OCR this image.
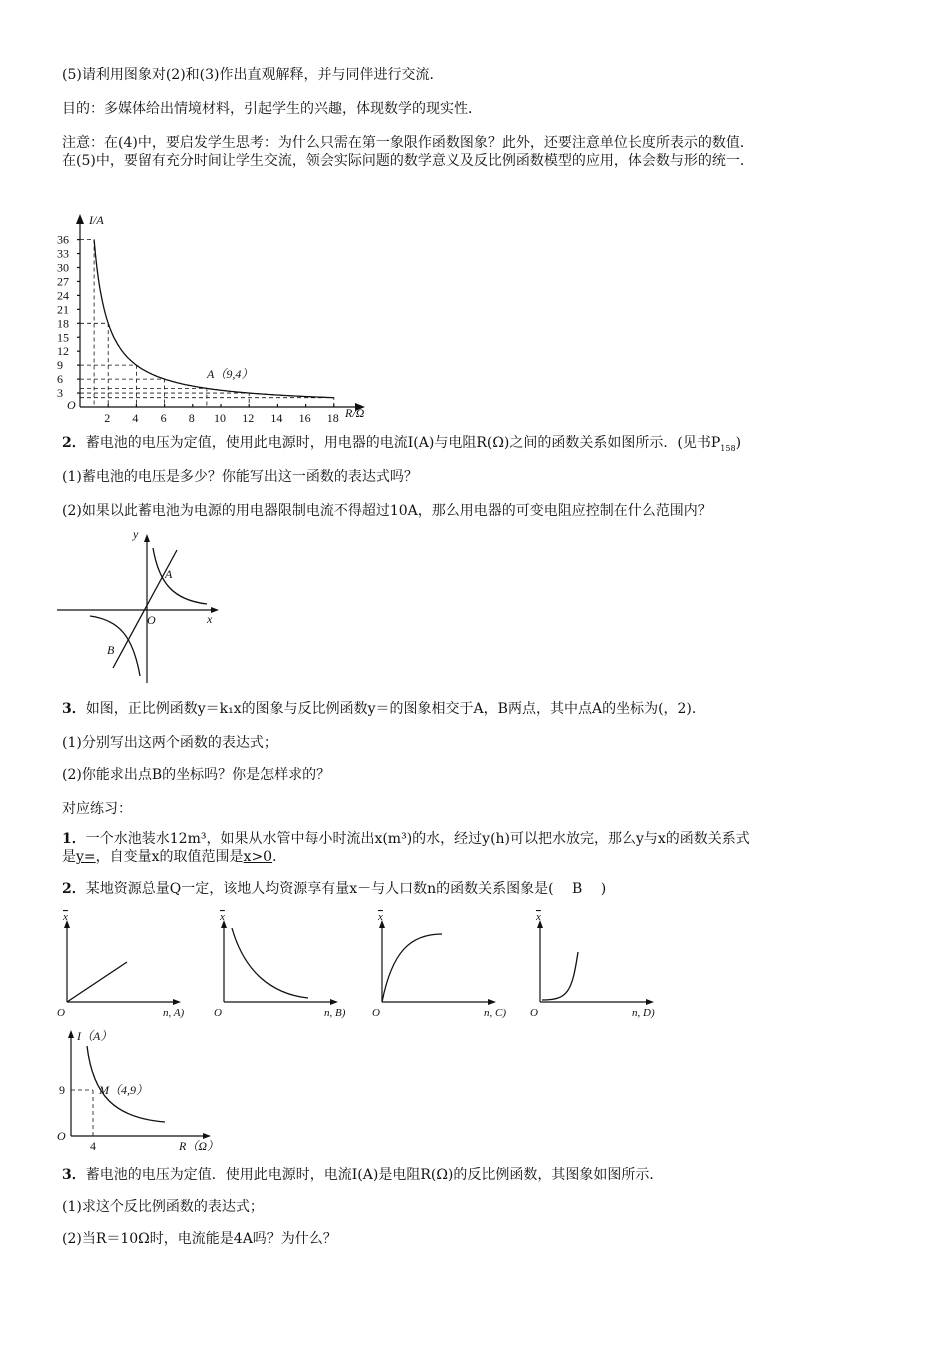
(5)请利用图象对(2)和(3)作出直观解释，并与同伴进行交流．
目的：多媒体给出情境材料，引起学生的兴趣，体现数学的现实性．
注意：在(4)中，要启发学生思考：为什么只需在第一象限作函数图象？此外，还要注意单位长度所表示的数值．
在(5)中，要留有充分时间让学生交流，领会实际问题的数学意义及反比例函数模型的应用，体会数与形的统一．
I/A
R/Ω
O
36
33
30
27
24
21
18
15
12
9
6
3
2 4 6 8 10 12 14 16 18
A（9,4）
2．蓄电池的电压为定值，使用此电源时，用电器的电流I(A)与电阻R(Ω)之间的函数关系如图所示．(见书$P_{158}$)
(1)蓄电池的电压是多少？你能写出这一函数的表达式吗？
(2)如果以此蓄电池为电源的用电器限制电流不得超过10A，那么用电器的可变电阻应控制在什么范围内？
y
x
O
A
B
3．如图，正比例函数y＝k₁x的图象与反比例函数y＝的图象相交于A，B两点，其中点A的坐标为(，2)．
(1)分别写出这两个函数的表达式；
(2)你能求出点B的坐标吗？你是怎样求的？
对应练习：
1．一个水池装水12m³，如果从水管中每小时流出x(m³)的水，经过y(h)可以把水放完，那么y与x的函数关系式
是y=，自变量x的取值范围是x>0．
2．某地资源总量Q一定，该地人均资源享有量x－与人口数n的函数关系图象是(　 B 　)
x
n, A)
O
x
n, B)
O
x
n, C)
O
x
n, D)
O
I（A）
R（Ω）
O
9
4
M（4,9）
3．蓄电池的电压为定值．使用此电源时，电流I(A)是电阻R(Ω)的反比例函数，其图象如图所示．
(1)求这个反比例函数的表达式；
(2)当R＝10Ω时，电流能是4A吗？为什么？
